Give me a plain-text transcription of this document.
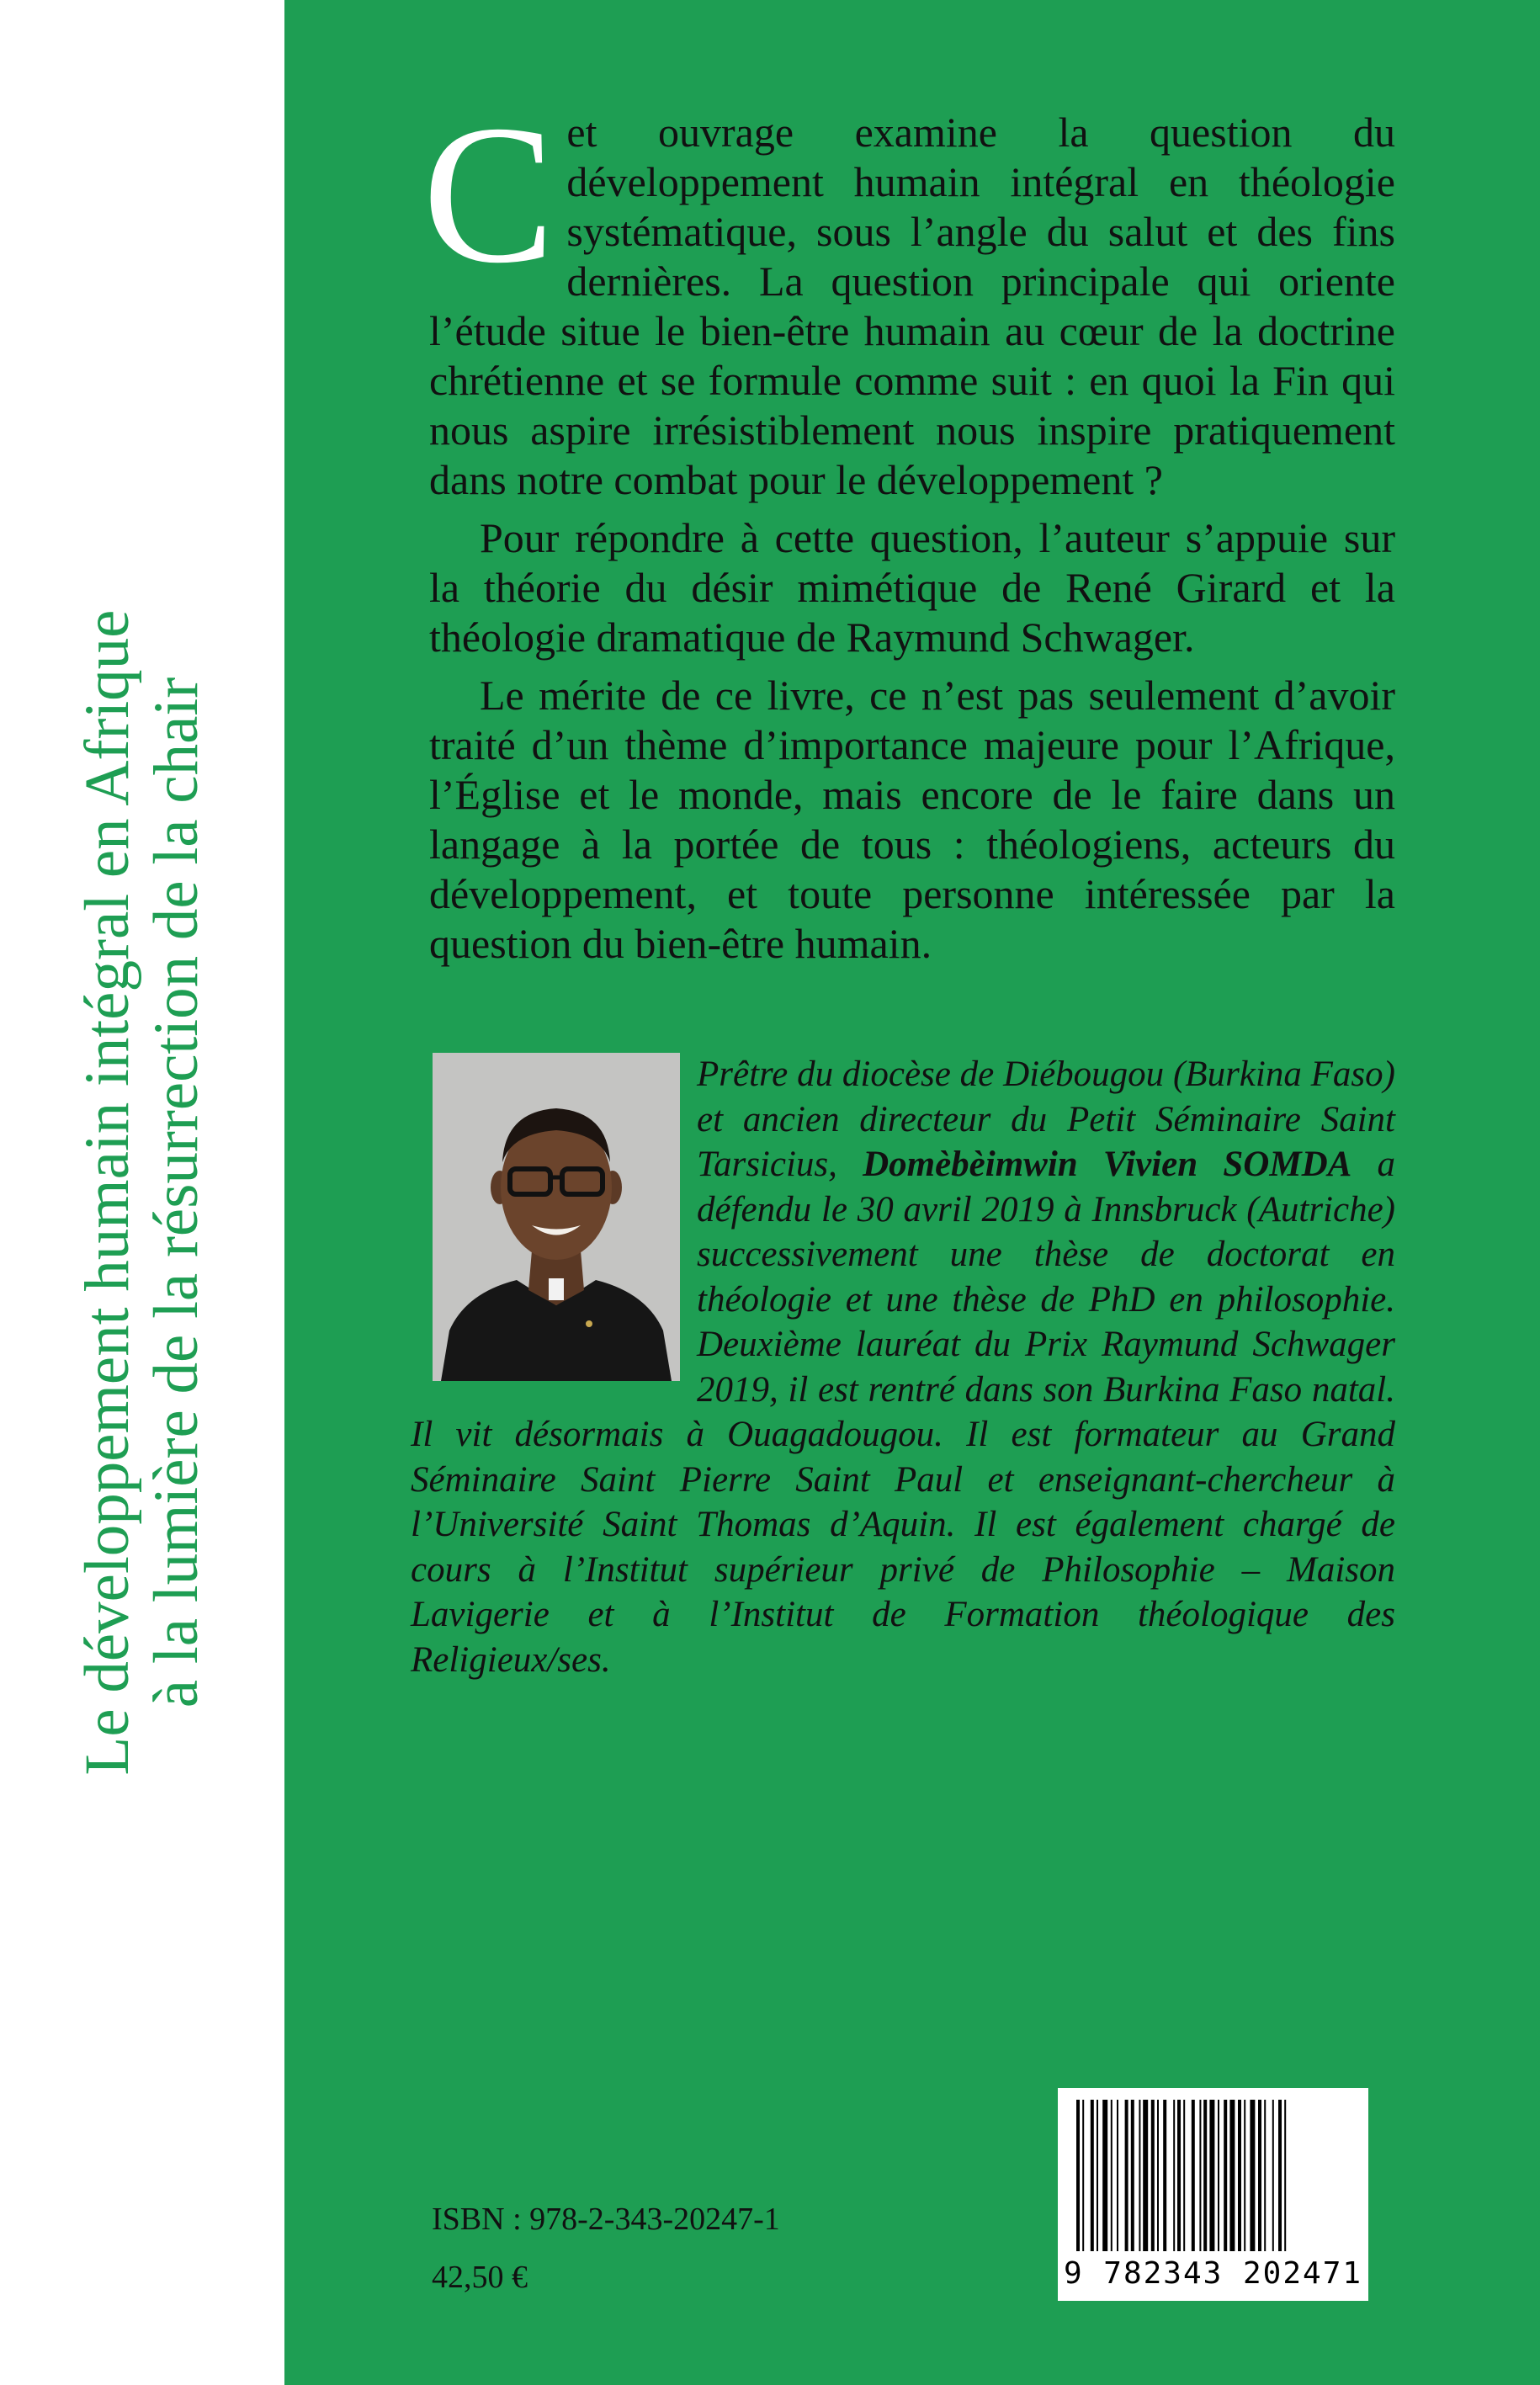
Le développement humain intégral en Afrique à la lumière de la résurrection de la chair

Cet ouvrage examine la question du développement humain intégral en théologie systématique, sous l’angle du salut et des fins dernières. La question principale qui oriente l’étude situe le bien-être humain au cœur de la doctrine chrétienne et se formule comme suit : en quoi la Fin qui nous aspire irrésistiblement nous inspire pratiquement dans notre combat pour le développement ?

Pour répondre à cette question, l’auteur s’appuie sur la théorie du désir mimétique de René Girard et la théologie dramatique de Raymund Schwager.

Le mérite de ce livre, ce n’est pas seulement d’avoir traité d’un thème d’importance majeure pour l’Afrique, l’Église et le monde, mais encore de le faire dans un langage à la portée de tous : théologiens, acteurs du développement, et toute personne intéressée par la question du bien-être humain.

Prêtre du diocèse de Diébougou (Burkina Faso) et ancien directeur du Petit Séminaire Saint Tarsicius, Domèbèimwin Vivien SOMDA a défendu le 30 avril 2019 à Innsbruck (Autriche) successivement une thèse de doctorat en théologie et une thèse de PhD en philosophie. Deuxième lauréat du Prix Raymund Schwager 2019, il est rentré dans son Burkina Faso natal. Il vit désormais à Ouagadougou. Il est formateur au Grand Séminaire Saint Pierre Saint Paul et enseignant-chercheur à l’Université Saint Thomas d’Aquin. Il est également chargé de cours à l’Institut supérieur privé de Philosophie – Maison Lavigerie et à l’Institut de Formation théologique des Religieux/ses.
ISBN : 978-2-343-20247-1
42,50 €	9 782343 202471
